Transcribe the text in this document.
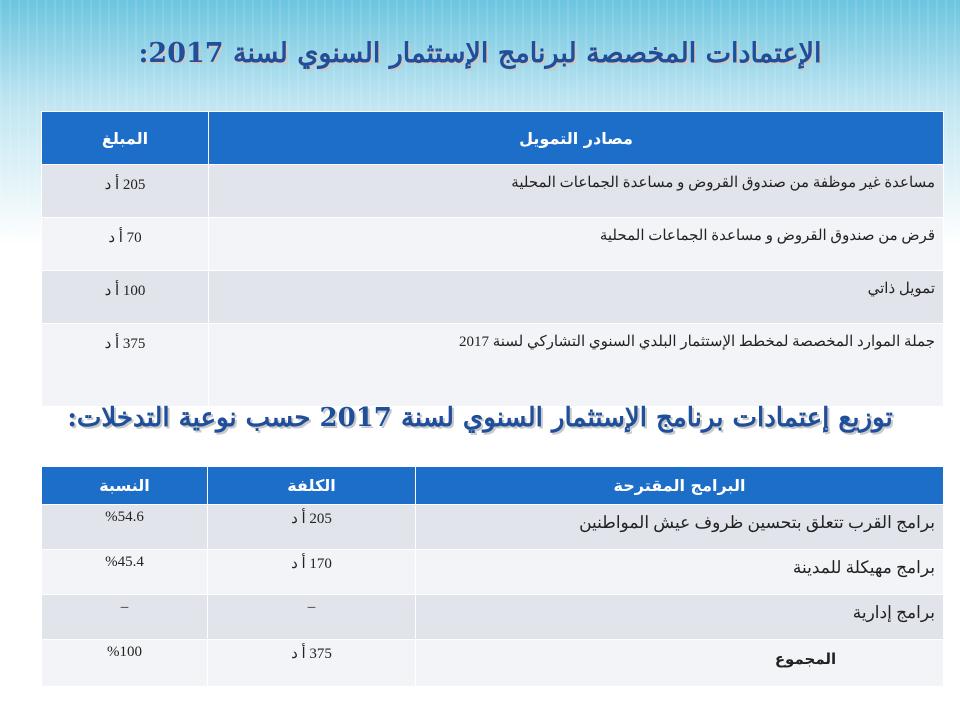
الإعتمادات المخصصة لبرنامج الإستثمار السنوي لسنة 2017:
مصادر التمويل	المبلغ
مساعدة غير موظفة من صندوق القروض و مساعدة الجماعات المحلية	205 أ د
قرض من صندوق القروض و مساعدة الجماعات المحلية	70 أ د
تمويل ذاتي	100 أ د
جملة الموارد المخصصة لمخطط الإستثمار البلدي السنوي التشاركي لسنة 2017	375 أ د
توزيع إعتمادات برنامج الإستثمار السنوي لسنة 2017 حسب نوعية التدخلات:
البرامج المقترحة	الكلفة	النسبة
برامج القرب تتعلق بتحسين ظروف عيش المواطنين	205 أ د	%54.6
برامج مهيكلة للمدينة	170 أ د	%45.4
برامج إدارية	–	–
المجموع	375 أ د	%100
